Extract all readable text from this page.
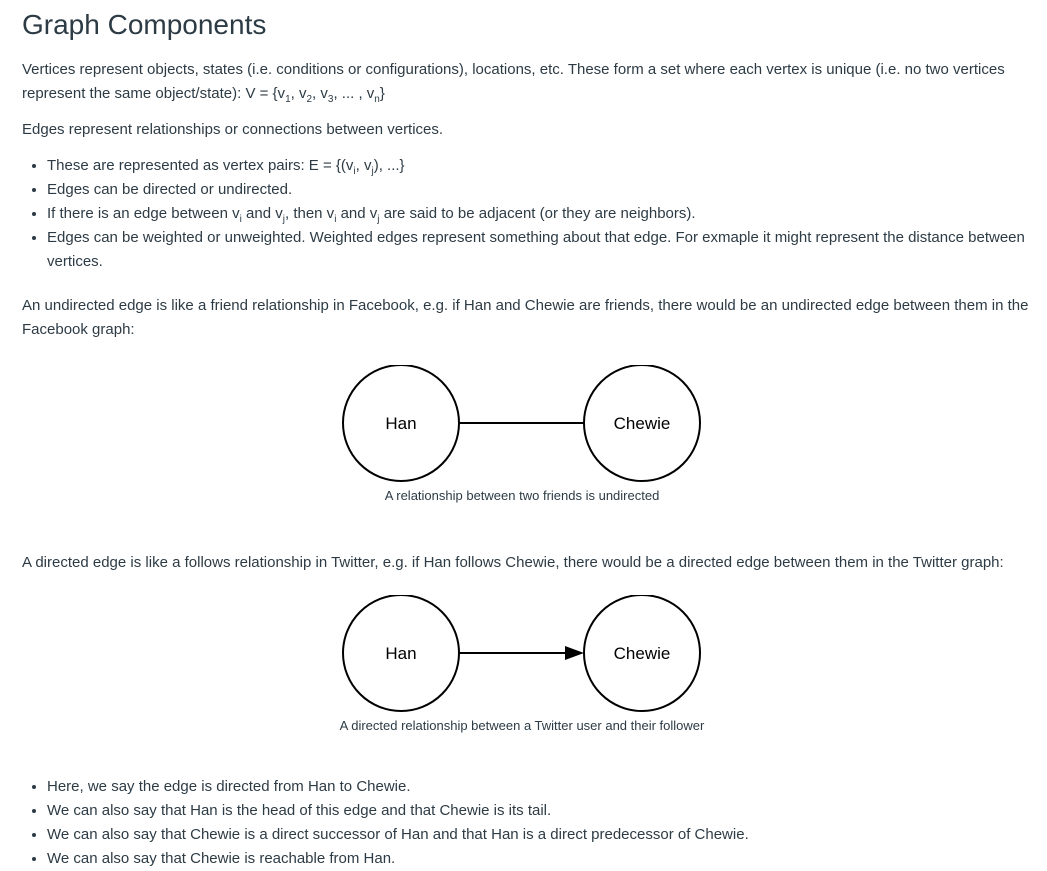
Graph Components

Vertices represent objects, states (i.e. conditions or configurations), locations, etc. These form a set where each vertex is unique (i.e. no two vertices represent the same object/state): $V = \{v_1$, $v_2$, $v_3$, ... , $v_n$}

Edges represent relationships or connections between vertices.

• These are represented as vertex pairs: $E = \{(v_i$, $v_j$), ...}
• Edges can be directed or undirected.
• If there is an edge between $v_i$ and $v_j$, then $v_i$ and $v_j$ are said to be adjacent (or they are neighbors).
• Edges can be weighted or unweighted. Weighted edges represent something about that edge. For exmaple it might represent the distance between vertices.

An undirected edge is like a friend relationship in Facebook, e.g. if Han and Chewie are friends, there would be an undirected edge between them in the Facebook graph:

Han	Chewie
A relationship between two friends is undirected

A directed edge is like a follows relationship in Twitter, e.g. if Han follows Chewie, there would be a directed edge between them in the Twitter graph:

Han	Chewie
A directed relationship between a Twitter user and their follower
• Here, we say the edge is directed from Han to Chewie.
• We can also say that Han is the head of this edge and that Chewie is its tail.
• We can also say that Chewie is a direct successor of Han and that Han is a direct predecessor of Chewie.
• We can also say that Chewie is reachable from Han.
